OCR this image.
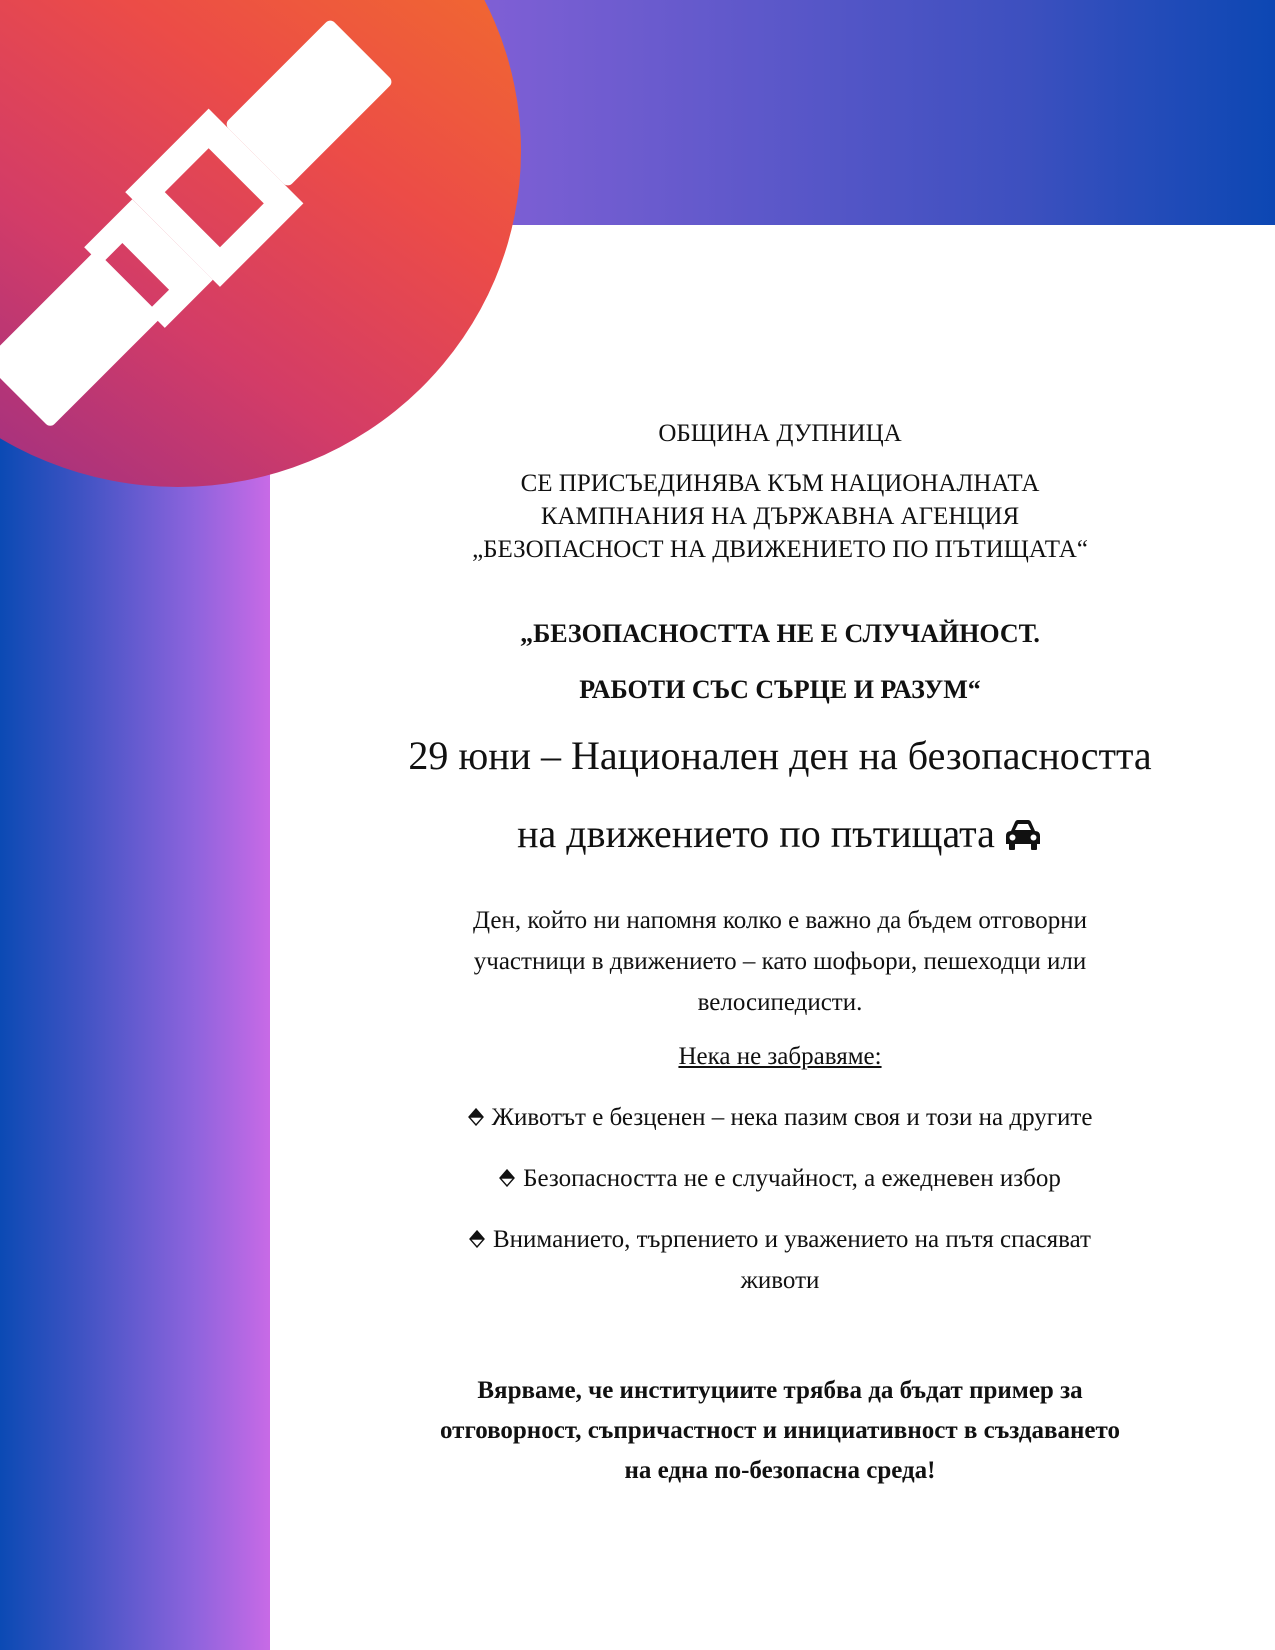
ОБЩИНА ДУПНИЦА

СЕ ПРИСЪЕДИНЯВА КЪМ НАЦИОНАЛНАТА
КАМПНАНИЯ НА ДЪРЖАВНА АГЕНЦИЯ
„БЕЗОПАСНОСТ НА ДВИЖЕНИЕТО ПО ПЪТИЩАТА“

„БЕЗОПАСНОСТТА НЕ Е СЛУЧАЙНОСТ.

РАБОТИ СЪС СЪРЦЕ И РАЗУМ“

29 юни – Национален ден на безопасността

на движението по пътищата

Ден, който ни напомня колко е важно да бъдем отговорни
участници в движението – като шофьори, пешеходци или
велосипедисти.
Нека не забравяме:
Животът е безценен – нека пазим своя и този на другите
Безопасността не е случайност, а ежедневен избор
Вниманието, търпението и уважението на пътя спасяват
животи
Вярваме, че институциите трябва да бъдат пример за
отговорност, съпричастност и инициативност в създаването
на една по-безопасна среда!
